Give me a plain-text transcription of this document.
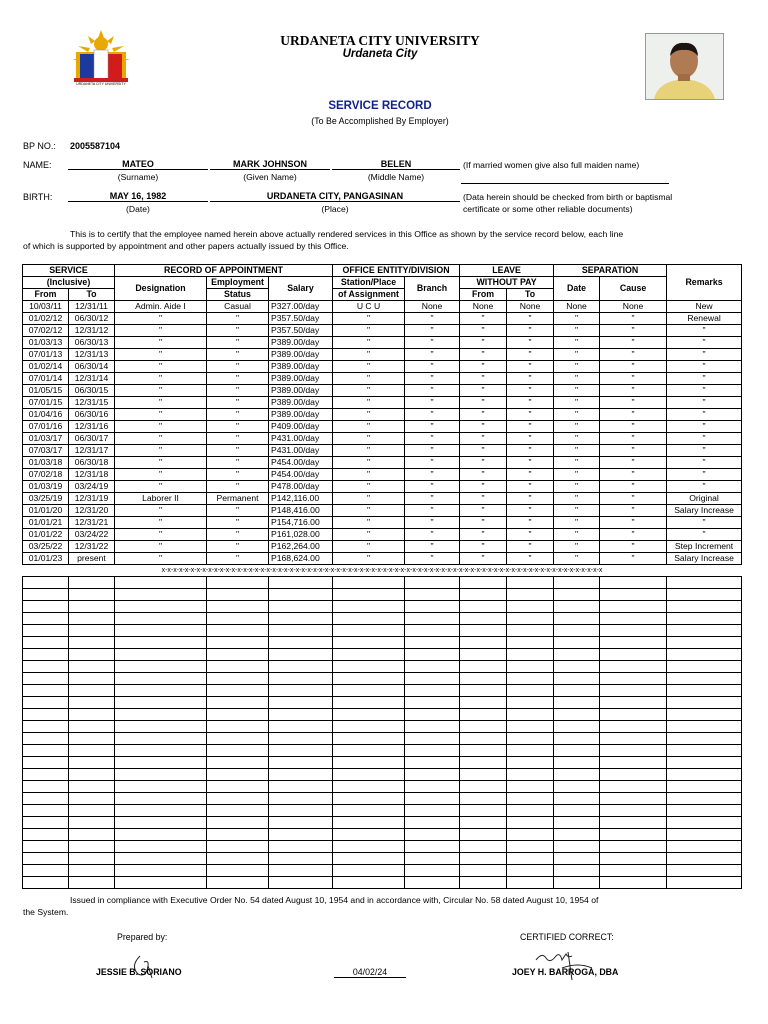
URDANETA CITY UNIVERSITY
URDANETA CITY UNIVERSITY
Urdaneta City
SERVICE RECORD
(To Be Accomplished By Employer)
BP NO.: 2005587104
NAME:	MATEO	MARK JOHNSON	BELEN	(If married women give also full maiden name)
(Surname)	(Given Name)	(Middle Name)
BIRTH:	MAY 16, 1982	URDANETA CITY, PANGASINAN	(Data herein should be checked from birth or baptismal
certificate or some other reliable documents)
(Date)	(Place)
This is to certify that the employee named herein above actually rendered services in this Office as shown by the service record below, each line
of which is supported by appointment and other papers actually issued by this Office.
SERVICE		RECORD OF APPOINTMENT			OFFICE ENTITY/DIVISION		LEAVE		SEPARATION		Remarks
(Inclusive)		Designation	Employment	Salary	Station/Place	Branch	WITHOUT PAY		Date	Cause	
From	To		Status		of Assignment		From	To			
10/03/11	12/31/11	Admin. Aide I	Casual	P327.00/day	U C U	None	None	None	None	None	New
01/02/12	06/30/12	"	"	P357.50/day	"	"	"	"	"	"	Renewal
07/02/12	12/31/12	"	"	P357.50/day	"	"	"	"	"	"	"
01/03/13	06/30/13	"	"	P389.00/day	"	"	"	"	"	"	"
07/01/13	12/31/13	"	"	P389.00/day	"	"	"	"	"	"	"
01/02/14	06/30/14	"	"	P389.00/day	"	"	"	"	"	"	"
07/01/14	12/31/14	"	"	P389.00/day	"	"	"	"	"	"	"
01/05/15	06/30/15	"	"	P389.00/day	"	"	"	"	"	"	"
07/01/15	12/31/15	"	"	P389.00/day	"	"	"	"	"	"	"
01/04/16	06/30/16	"	"	P389.00/day	"	"	"	"	"	"	"
07/01/16	12/31/16	"	"	P409.00/day	"	"	"	"	"	"	"
01/03/17	06/30/17	"	"	P431.00/day	"	"	"	"	"	"	"
07/03/17	12/31/17	"	"	P431.00/day	"	"	"	"	"	"	"
01/03/18	06/30/18	"	"	P454.00/day	"	"	"	"	"	"	"
07/02/18	12/31/18	"	"	P454.00/day	"	"	"	"	"	"	"
01/03/19	03/24/19	"	"	P478.00/day	"	"	"	"	"	"	"
03/25/19	12/31/19	Laborer II	Permanent	P142,116.00	"	"	"	"	"	"	Original
01/01/20	12/31/20	"	"	P148,416.00	"	"	"	"	"	"	Salary Increase
01/01/21	12/31/21	"	"	P154,716.00	"	"	"	"	"	"	"
01/01/22	03/24/22	"	"	P161,028.00	"	"	"	"	"	"	"
03/25/22	12/31/22	"	"	P162,264.00	"	"	"	"	"	"	Step Increment
01/01/23	present	"	"	P168,624.00	"	"	"	"	"	"	Salary Increase
x-x-x-x-x-x-x-x-x-x-x-x-x-x-x-x-x-x-x-x-x-x-x-x-x-x-x-x-x-x-x-x-x-x-x-x-x-x-x-x-x-x-x-x-x-x-x-x-x-x-x-x-x-x-x-x-x-x-x-x-x-x-x-x-x-x-x-x-x-x-x-x-x-x-x-x											

Issued in compliance with Executive Order No. 54 dated August 10, 1954 and in accordance with, Circular No. 58 dated August 10, 1954 of
the System.
Prepared by:	CERTIFIED CORRECT:
JESSIE B. SORIANO	04/02/24	JOEY H. BARROGA, DBA
